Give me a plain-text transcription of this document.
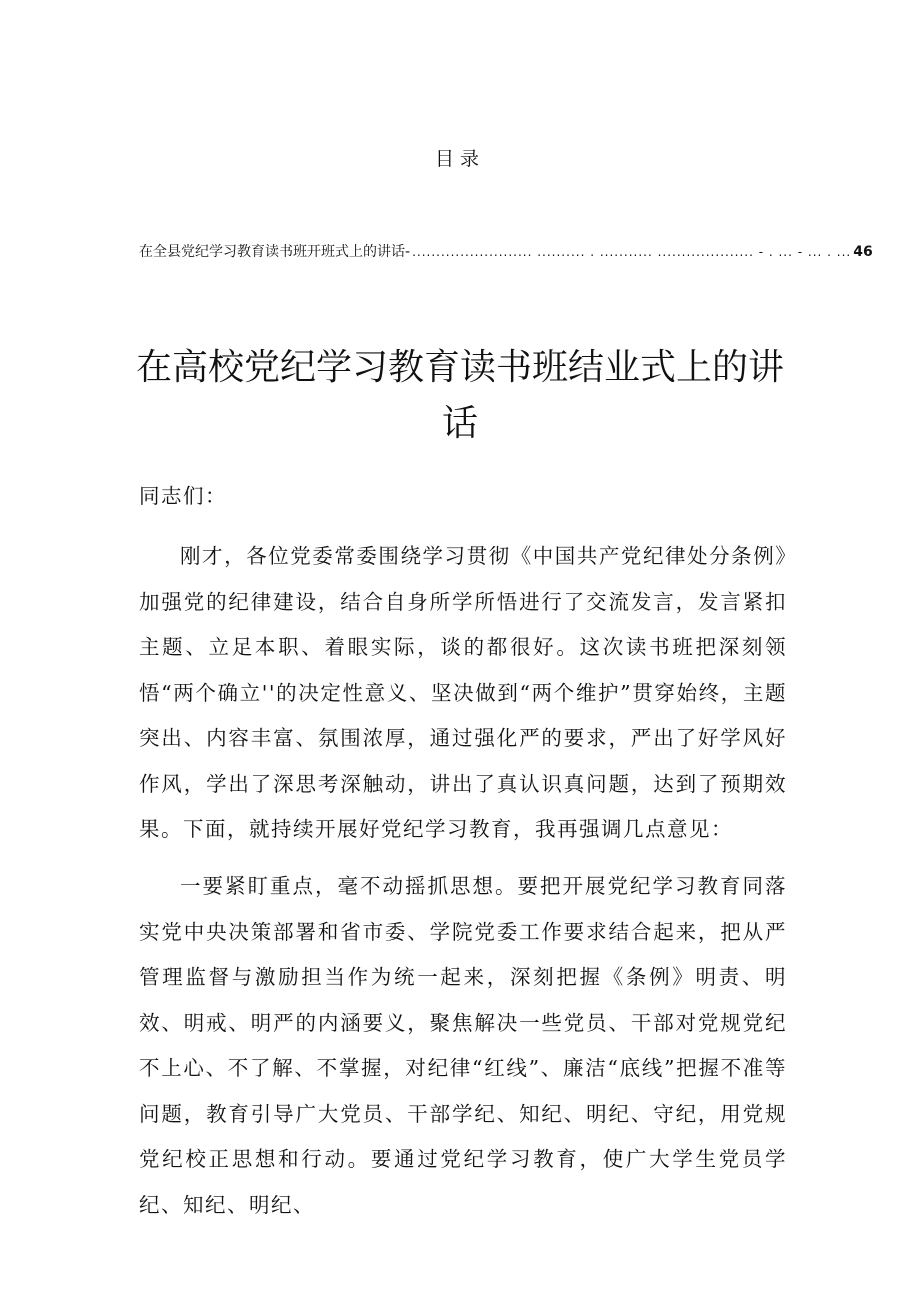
目录
在全县党纪学习教育读书班开班式上的讲话- ......................... .......... . ........... .................... - . ... - ... . ... 46
在高校党纪学习教育读书班结业式上的讲话

同志们：

刚才，各位党委常委围绕学习贯彻《中国共产党纪律处分条例》加强党的纪律建设，结合自身所学所悟进行了交流发言，发言紧扣主题、立足本职、着眼实际，谈的都很好。这次读书班把深刻领悟“两个确立''的决定性意义、坚决做到“两个维护”贯穿始终，主题突出、内容丰富、氛围浓厚，通过强化严的要求，严出了好学风好作风，学出了深思考深触动，讲出了真认识真问题，达到了预期效果。下面，就持续开展好党纪学习教育，我再强调几点意见：

一要紧盯重点，毫不动摇抓思想。要把开展党纪学习教育同落实党中央决策部署和省市委、学院党委工作要求结合起来，把从严管理监督与激励担当作为统一起来，深刻把握《条例》明责、明效、明戒、明严的内涵要义，聚焦解决一些党员、干部对党规党纪不上心、不了解、不掌握，对纪律“红线”、廉洁“底线”把握不准等问题，教育引导广大党员、干部学纪、知纪、明纪、守纪，用党规党纪校正思想和行动。要通过党纪学习教育，使广大学生党员学纪、知纪、明纪、
